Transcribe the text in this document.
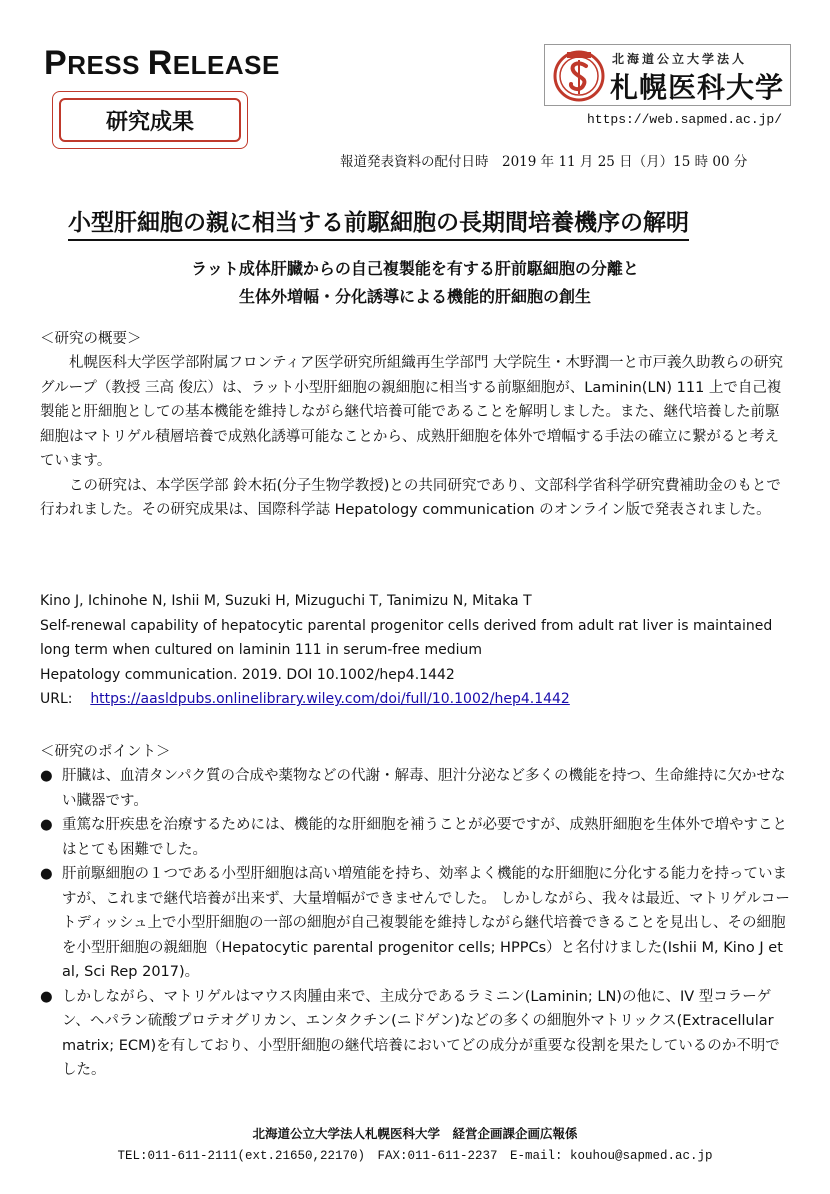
PRESS RELEASE
研究成果
北海道公立大学法人
札幌医科大学
https://web.sapmed.ac.jp/
報道発表資料の配付日時　2019 年 11 月 25 日（月）15 時 00 分
小型肝細胞の親に相当する前駆細胞の長期間培養機序の解明
ラット成体肝臓からの自己複製能を有する肝前駆細胞の分離と
生体外増幅・分化誘導による機能的肝細胞の創生
＜研究の概要＞

札幌医科大学医学部附属フロンティア医学研究所組織再生学部門 大学院生・木野潤一と市戸義久助教らの研究グループ（教授 三高 俊広）は、ラット小型肝細胞の親細胞に相当する前駆細胞が、Laminin(LN) 111 上で自己複製能と肝細胞としての基本機能を維持しながら継代培養可能であることを解明しました。また、継代培養した前駆細胞はマトリゲル積層培養で成熟化誘導可能なことから、成熟肝細胞を体外で増幅する手法の確立に繋がると考えています。

この研究は、本学医学部 鈴木拓(分子生物学教授)との共同研究であり、文部科学省科学研究費補助金のもとで行われました。その研究成果は、国際科学誌 Hepatology communication のオンライン版で発表されました。

Kino J, Ichinohe N, Ishii M, Suzuki H, Mizuguchi T, Tanimizu N, Mitaka T
Self-renewal capability of hepatocytic parental progenitor cells derived from adult rat liver is maintained long term when cultured on laminin 111 in serum-free medium
Hepatology communication. 2019. DOI 10.1002/hep4.1442
URL: https://aasldpubs.onlinelibrary.wiley.com/doi/full/10.1002/hep4.1442
＜研究のポイント＞
● 肝臓は、血清タンパク質の合成や薬物などの代謝・解毒、胆汁分泌など多くの機能を持つ、生命維持に欠かせない臓器です。
● 重篤な肝疾患を治療するためには、機能的な肝細胞を補うことが必要ですが、成熟肝細胞を生体外で増やすことはとても困難でした。
● 肝前駆細胞の１つである小型肝細胞は高い増殖能を持ち、効率よく機能的な肝細胞に分化する能力を持っていますが、これまで継代培養が出来ず、大量増幅ができませんでした。 しかしながら、我々は最近、マトリゲルコートディッシュ上で小型肝細胞の一部の細胞が自己複製能を維持しながら継代培養できることを見出し、その細胞を小型肝細胞の親細胞（Hepatocytic parental progenitor cells; HPPCs）と名付けました(Ishii M, Kino J et al, Sci Rep 2017)。
● しかしながら、マトリゲルはマウス肉腫由来で、主成分であるラミニン(Laminin; LN)の他に、IV 型コラーゲン、ヘパラン硫酸プロテオグリカン、エンタクチン(ニドゲン)などの多くの細胞外マトリックス(Extracellular matrix; ECM)を有しており、小型肝細胞の継代培養においてどの成分が重要な役割を果たしているのか不明でした。
北海道公立大学法人札幌医科大学　経営企画課企画広報係
TEL:011-611-2111(ext.21650,22170)　FAX:011-611-2237　E-mail: kouhou@sapmed.ac.jp
